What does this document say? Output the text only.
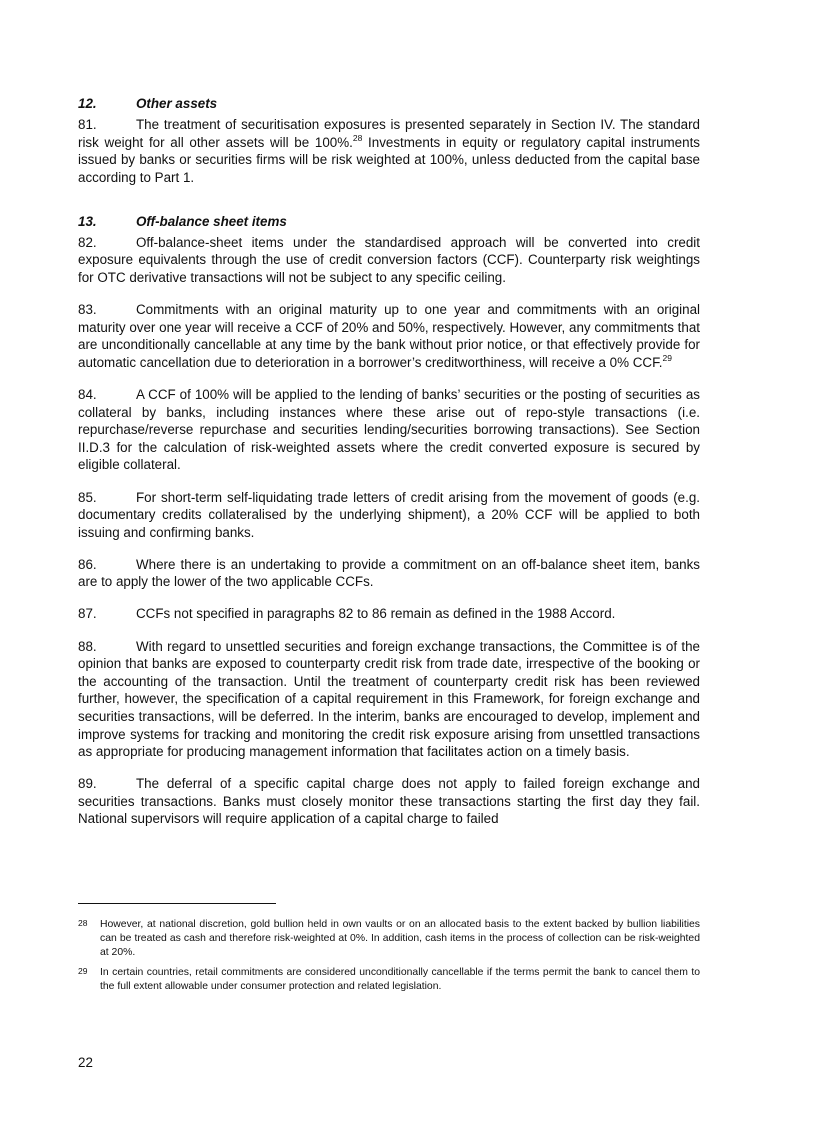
12.	Other assets

81.	The treatment of securitisation exposures is presented separately in Section IV. The standard risk weight for all other assets will be 100%.$^{28}$ Investments in equity or regulatory capital instruments issued by banks or securities firms will be risk weighted at 100%, unless deducted from the capital base according to Part 1.

13.	Off-balance sheet items

82.	Off-balance-sheet items under the standardised approach will be converted into credit exposure equivalents through the use of credit conversion factors (CCF). Counterparty risk weightings for OTC derivative transactions will not be subject to any specific ceiling.

83.	Commitments with an original maturity up to one year and commitments with an original maturity over one year will receive a CCF of 20% and 50%, respectively. However, any commitments that are unconditionally cancellable at any time by the bank without prior notice, or that effectively provide for automatic cancellation due to deterioration in a borrower’s creditworthiness, will receive a 0% CCF.$^{29}$

84.	A CCF of 100% will be applied to the lending of banks’ securities or the posting of securities as collateral by banks, including instances where these arise out of repo-style transactions (i.e. repurchase/reverse repurchase and securities lending/securities borrowing transactions). See Section II.D.3 for the calculation of risk-weighted assets where the credit converted exposure is secured by eligible collateral.

85.	For short-term self-liquidating trade letters of credit arising from the movement of goods (e.g. documentary credits collateralised by the underlying shipment), a 20% CCF will be applied to both issuing and confirming banks.

86.	Where there is an undertaking to provide a commitment on an off-balance sheet item, banks are to apply the lower of the two applicable CCFs.

87.	CCFs not specified in paragraphs 82 to 86 remain as defined in the 1988 Accord.

88.	With regard to unsettled securities and foreign exchange transactions, the Committee is of the opinion that banks are exposed to counterparty credit risk from trade date, irrespective of the booking or the accounting of the transaction. Until the treatment of counterparty credit risk has been reviewed further, however, the specification of a capital requirement in this Framework, for foreign exchange and securities transactions, will be deferred. In the interim, banks are encouraged to develop, implement and improve systems for tracking and monitoring the credit risk exposure arising from unsettled transactions as appropriate for producing management information that facilitates action on a timely basis.

89.	The deferral of a specific capital charge does not apply to failed foreign exchange and securities transactions. Banks must closely monitor these transactions starting the first day they fail. National supervisors will require application of a capital charge to failed

28	However, at national discretion, gold bullion held in own vaults or on an allocated basis to the extent backed by bullion liabilities can be treated as cash and therefore risk-weighted at 0%. In addition, cash items in the process of collection can be risk-weighted at 20%.
29	In certain countries, retail commitments are considered unconditionally cancellable if the terms permit the bank to cancel them to the full extent allowable under consumer protection and related legislation.
22
